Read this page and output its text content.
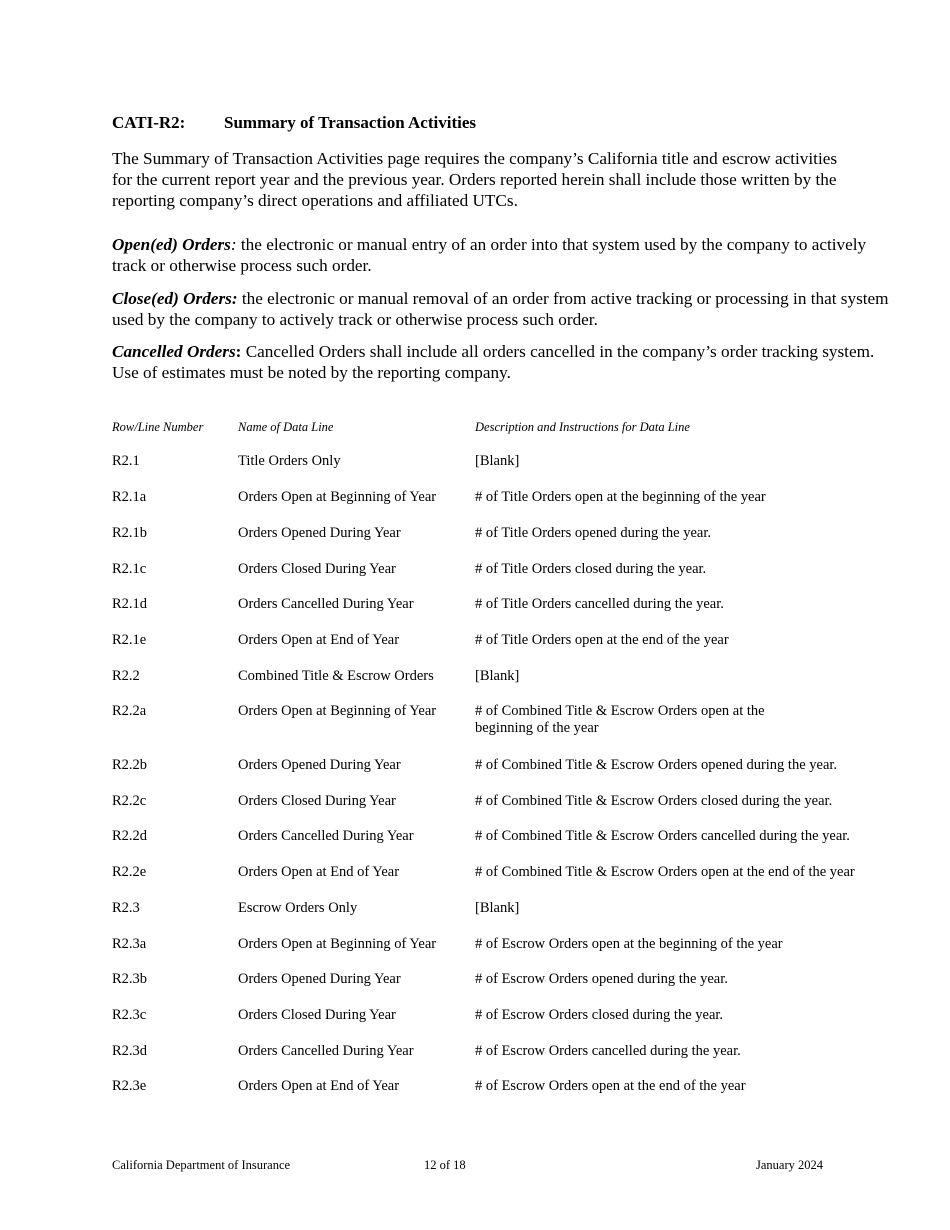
CATI-R2: Summary of Transaction Activities

The Summary of Transaction Activities page requires the company’s California title and escrow activities for the current report year and the previous year. Orders reported herein shall include those written by the reporting company’s direct operations and affiliated UTCs.

Open(ed) Orders: the electronic or manual entry of an order into that system used by the company to actively track or otherwise process such order.

Close(ed) Orders: the electronic or manual removal of an order from active tracking or processing in that system used by the company to actively track or otherwise process such order.

Cancelled Orders: Cancelled Orders shall include all orders cancelled in the company’s order tracking system. Use of estimates must be noted by the reporting company.

Row/Line Number	Name of Data Line	Description and Instructions for Data Line
R2.1	Title Orders Only	[Blank]
R2.1a	Orders Open at Beginning of Year	# of Title Orders open at the beginning of the year
R2.1b	Orders Opened During Year	# of Title Orders opened during the year.
R2.1c	Orders Closed During Year	# of Title Orders closed during the year.
R2.1d	Orders Cancelled During Year	# of Title Orders cancelled during the year.
R2.1e	Orders Open at End of Year	# of Title Orders open at the end of the year
R2.2	Combined Title & Escrow Orders	[Blank]
R2.2a	Orders Open at Beginning of Year	# of Combined Title & Escrow Orders open at the beginning of the year
R2.2b	Orders Opened During Year	# of Combined Title & Escrow Orders opened during the year.
R2.2c	Orders Closed During Year	# of Combined Title & Escrow Orders closed during the year.
R2.2d	Orders Cancelled During Year	# of Combined Title & Escrow Orders cancelled during the year.
R2.2e	Orders Open at End of Year	# of Combined Title & Escrow Orders open at the end of the year
R2.3	Escrow Orders Only	[Blank]
R2.3a	Orders Open at Beginning of Year	# of Escrow Orders open at the beginning of the year
R2.3b	Orders Opened During Year	# of Escrow Orders opened during the year.
R2.3c	Orders Closed During Year	# of Escrow Orders closed during the year.
R2.3d	Orders Cancelled During Year	# of Escrow Orders cancelled during the year.
R2.3e	Orders Open at End of Year	# of Escrow Orders open at the end of the year
California Department of Insurance	12 of 18	January 2024
